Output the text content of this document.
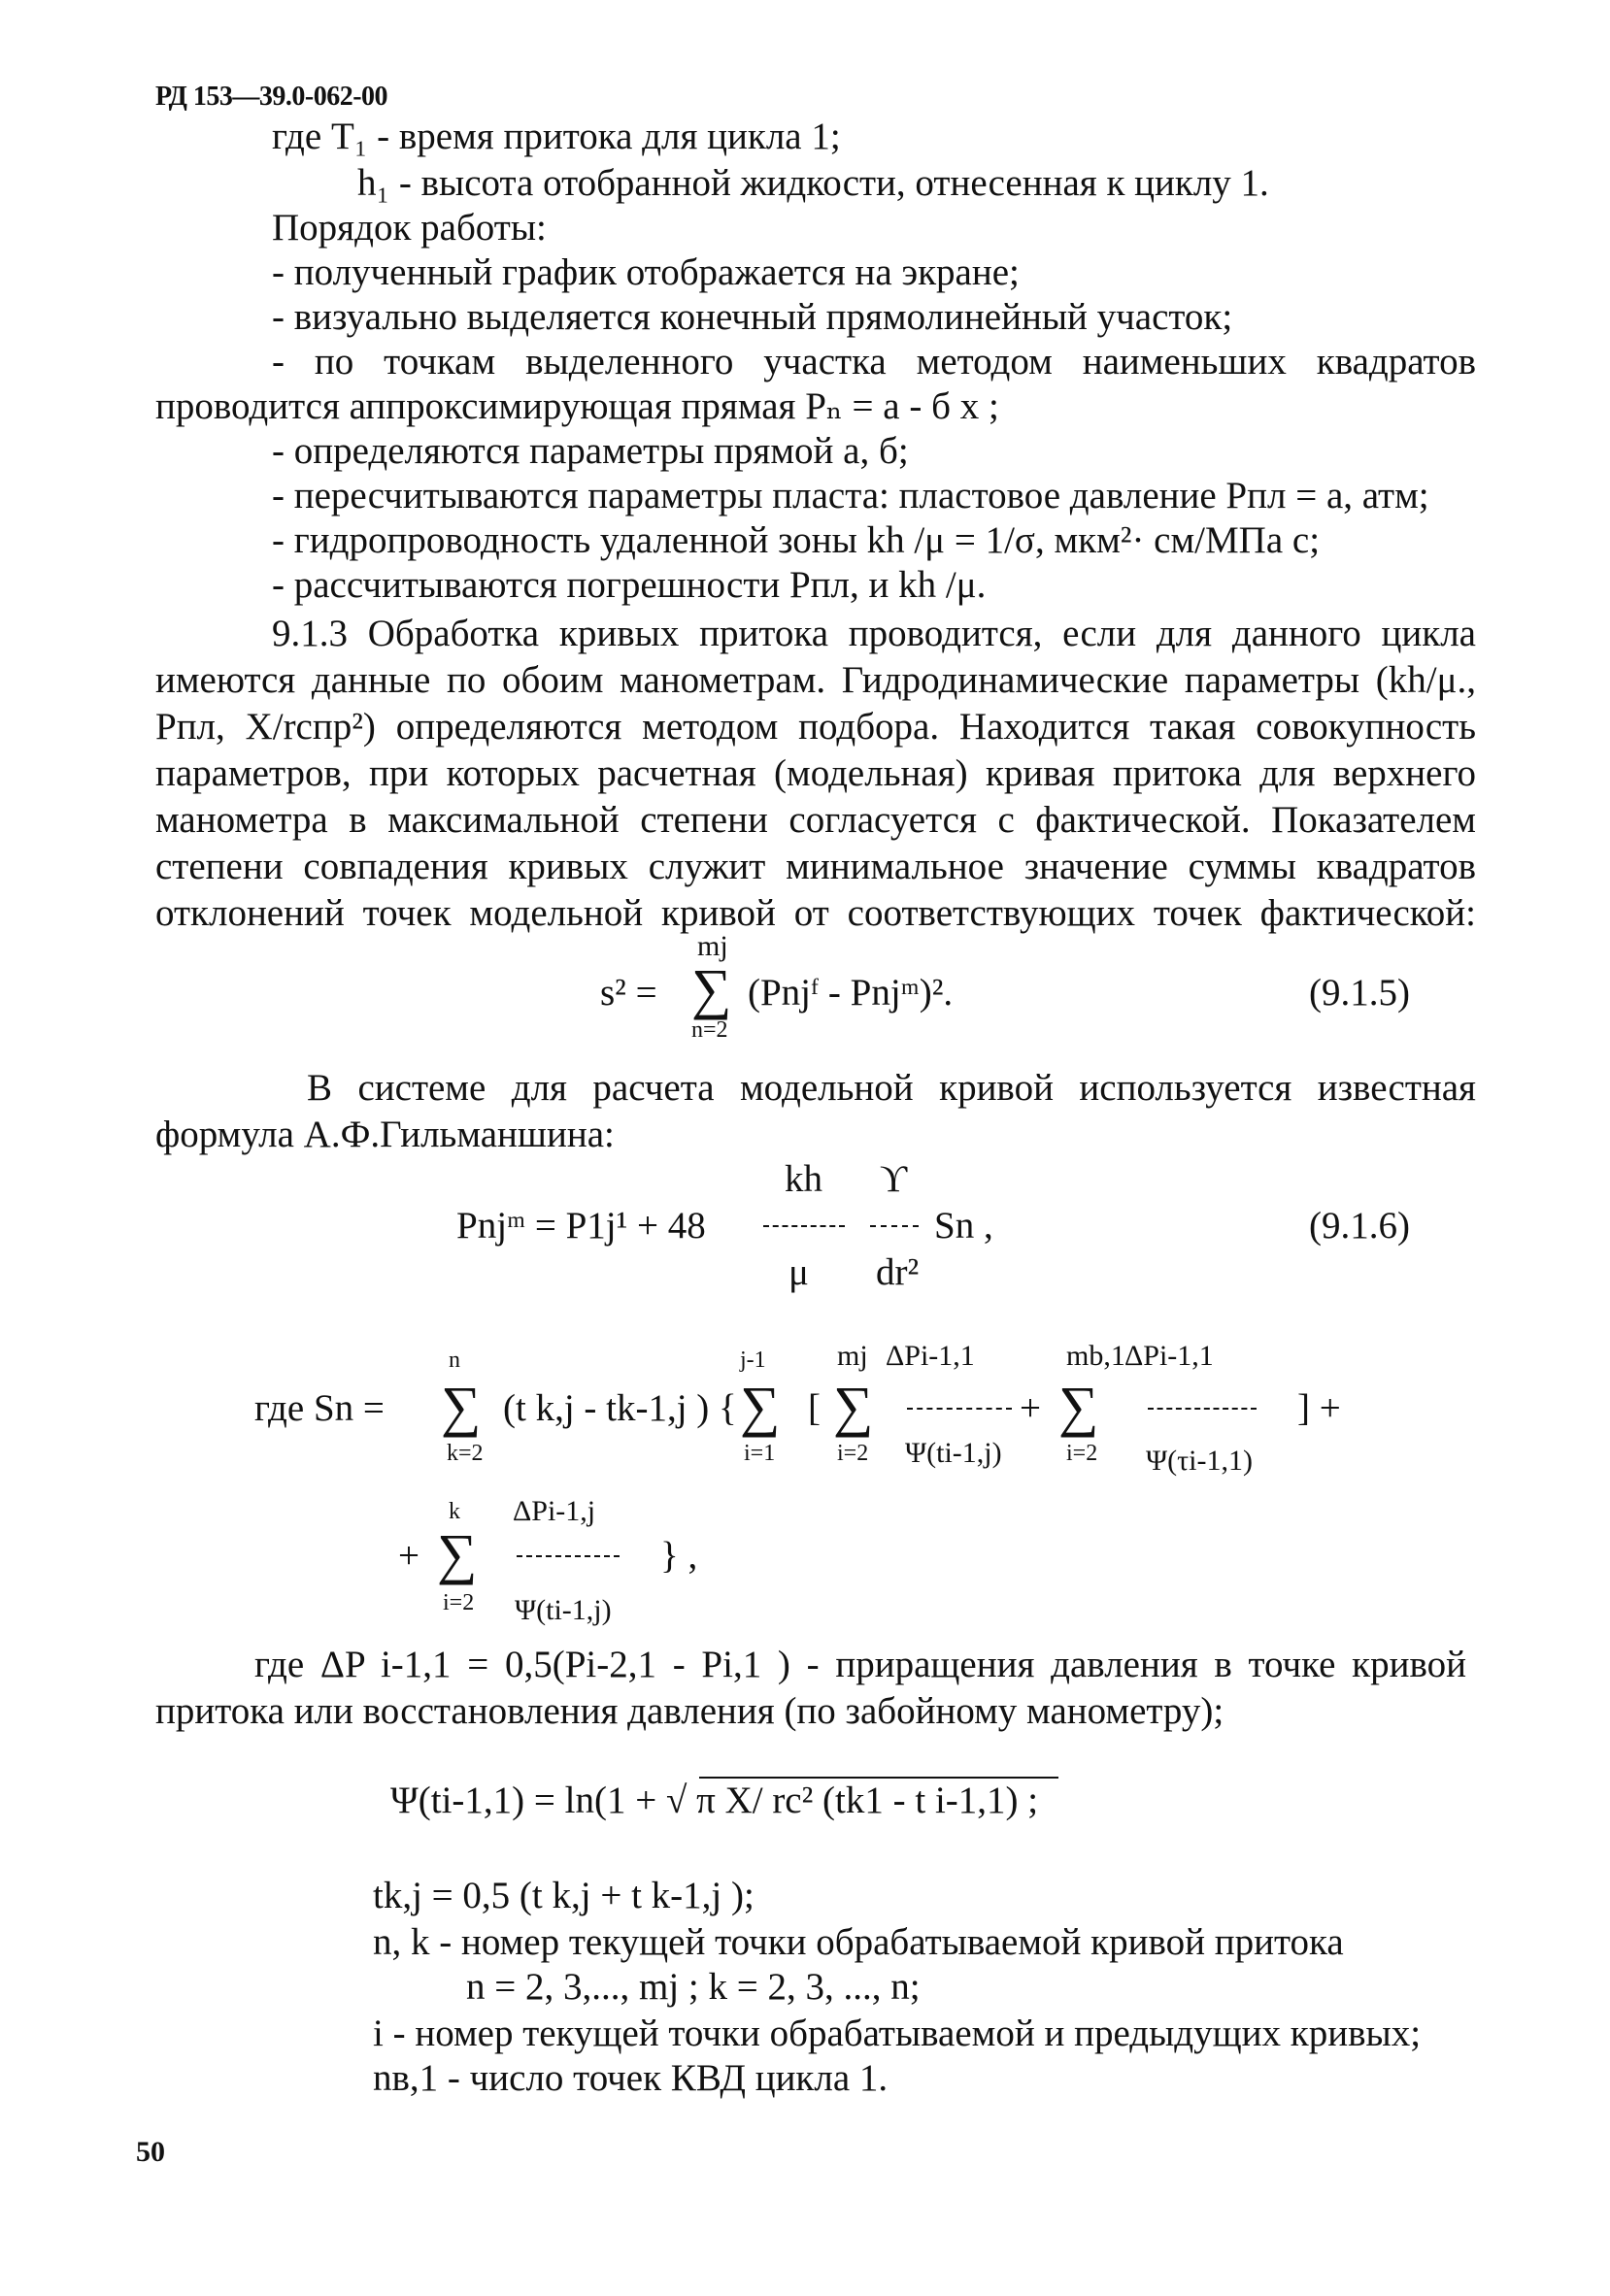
РД 153—39.0-062-00
где Т₁ - время притока для цикла 1;
h₁ - высота отобранной жидкости, отнесенная к циклу 1.
Порядок работы:
- полученный график отображается на экране;
- визуально выделяется конечный прямолинейный участок;
- по точкам выделенного участка методом наименьших квадратов
проводится аппроксимирующая прямая Pₙ = а - б х ;
- определяются параметры прямой а, б;
- пересчитываются параметры пласта: пластовое давление Pпл = а, атм;
- гидропроводность удаленной зоны kh /μ = 1/σ, мкм²· см/МПа с;
- рассчитываются погрешности Pпл, и kh /μ.
9.1.3 Обработка кривых притока проводится, если для данного цикла
имеются данные по обоим манометрам. Гидродинамические параметры (kh/μ.,
Pпл, X/rспр²) определяются методом подбора. Находится такая совокупность
параметров, при которых расчетная (модельная) кривая притока для верхнего
манометра в максимальной степени согласуется с фактической. Показателем
степени совпадения кривых служит минимальное значение суммы квадратов
отклонений точек модельной кривой от соответствующих точек фактической:
s² =
mj
∑
n=2
(Pnjᶠ - Pnjᵐ)².	(9.1.5)
В системе для расчета модельной кривой используется известная
формула А.Ф.Гильманшина:
kh ϒ
Pnjᵐ = P1j¹ + 48	Sn ,	(9.1.6)
μ dr²
n	j-1 mj ΔPi-1,1	mb,1 ΔPi-1,1
где Sn = ∑ (t k,j - tk-1,j ) { ∑ [ ∑	+ ∑	] +
k=2	i=1	i=2 Ψ(ti-1,j)	i=2 Ψ(τi-1,1)
k ΔPi-1,j
+ ∑	} ,
i=2 Ψ(ti-1,j)
где ΔP i-1,1 = 0,5(Pi-2,1 - Pi,1 ) - приращения давления в точке кривой
притока или восстановления давления (по забойному манометру);
Ψ(ti-1,1) = ln(1 + √ π X/ rc² (tk1 - t i-1,1) ;
tk,j = 0,5 (t k,j + t k-1,j );
n, k - номер текущей точки обрабатываемой кривой притока
n = 2, 3,..., mj ; k = 2, 3, ..., n;
i - номер текущей точки обрабатываемой и предыдущих кривых;
nв,1 - число точек КВД цикла 1.
50
